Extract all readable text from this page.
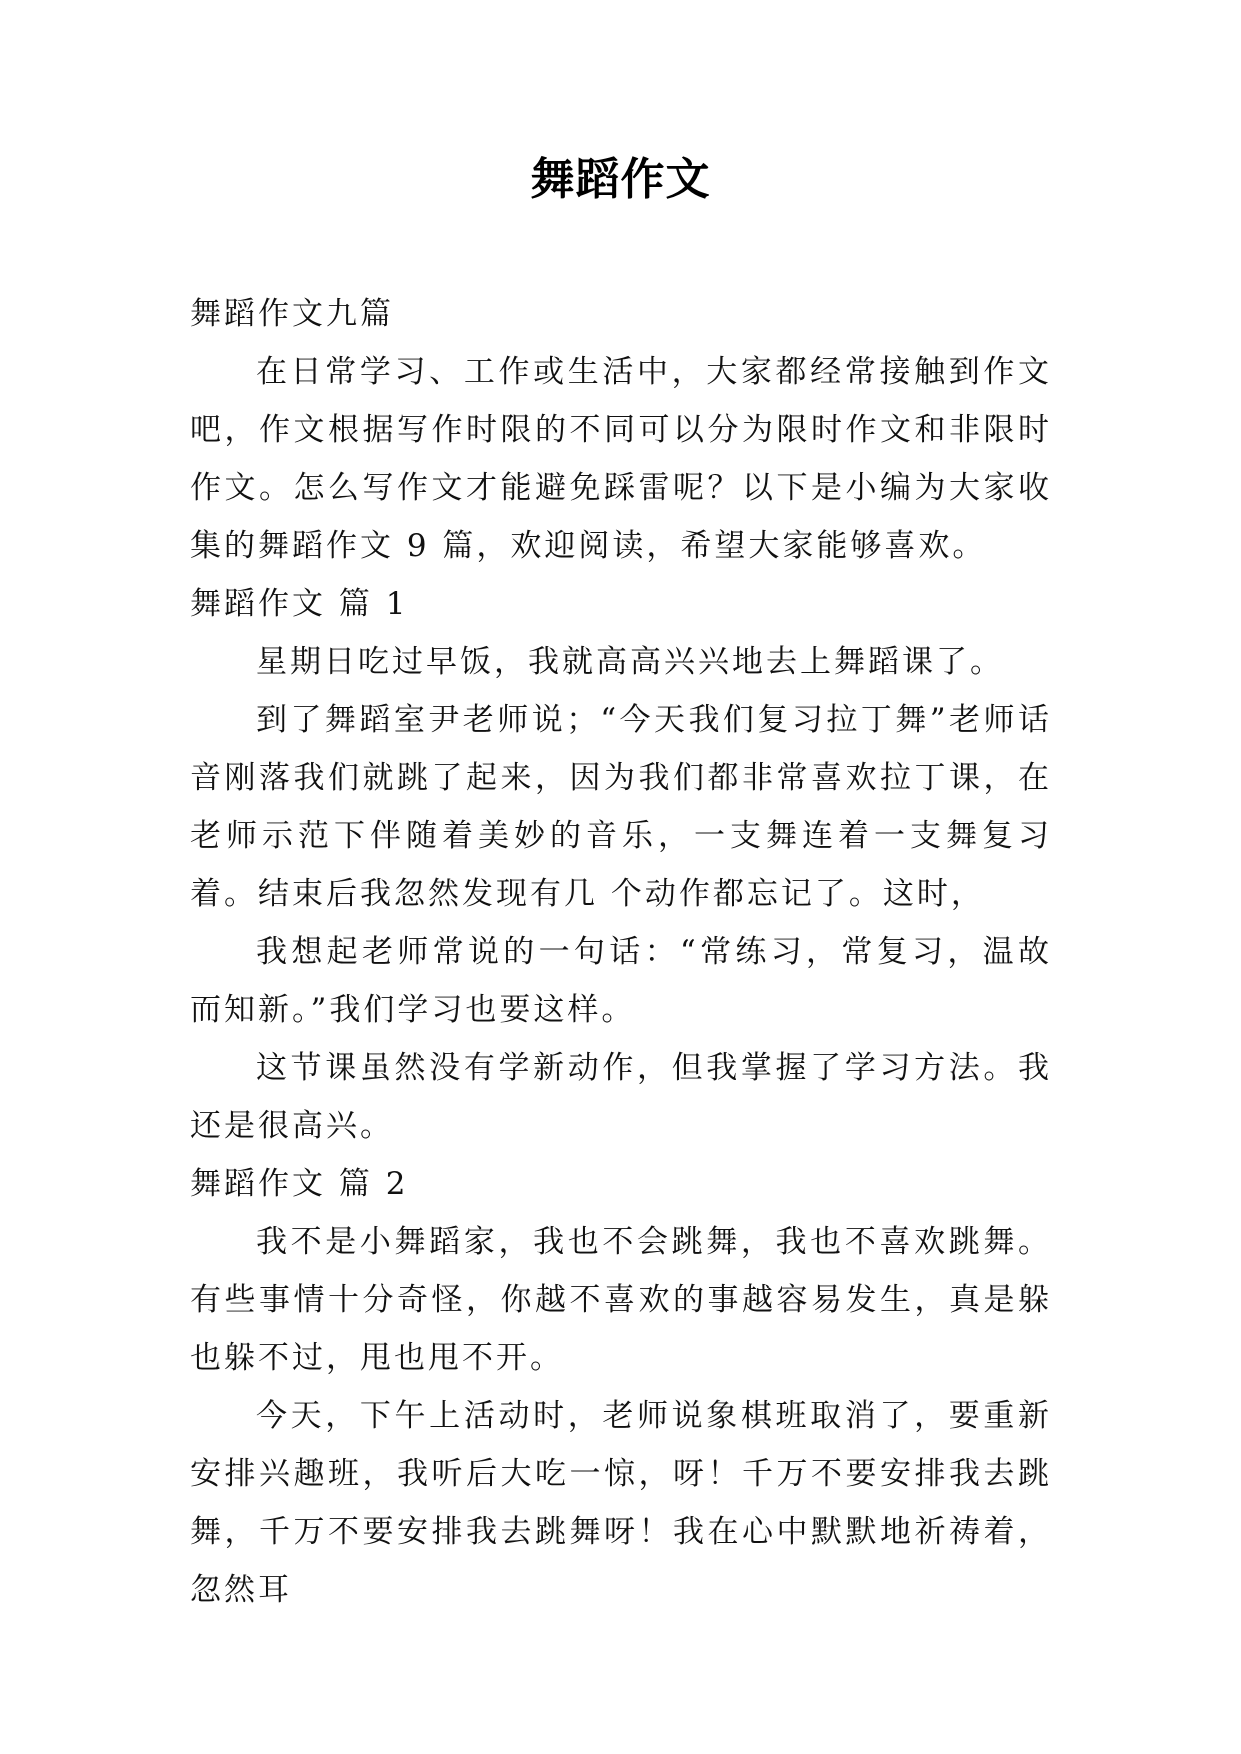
舞蹈作文

舞蹈作文九篇

在日常学习、工作或生活中，大家都经常接触到作文吧，作文根据写作时限的不同可以分为限时作文和非限时作文。怎么写作文才能避免踩雷呢？以下是小编为大家收集的舞蹈作文 9 篇，欢迎阅读，希望大家能够喜欢。

舞蹈作文 篇 1

星期日吃过早饭，我就高高兴兴地去上舞蹈课了。

到了舞蹈室尹老师说；“今天我们复习拉丁舞”老师话音刚落我们就跳了起来，因为我们都非常喜欢拉丁课，在老师示范下伴随着美妙的音乐，一支舞连着一支舞复习着。结束后我忽然发现有几 个动作都忘记了。这时，

我想起老师常说的一句话：“常练习，常复习，温故而知新。”我们学习也要这样。

这节课虽然没有学新动作，但我掌握了学习方法。我还是很高兴。

舞蹈作文 篇 2

我不是小舞蹈家，我也不会跳舞，我也不喜欢跳舞。有些事情十分奇怪，你越不喜欢的事越容易发生，真是躲也躲不过，甩也甩不开。

今天，下午上活动时，老师说象棋班取消了，要重新安排兴趣班，我听后大吃一惊，呀！千万不要安排我去跳舞，千万不要安排我去跳舞呀！我在心中默默地祈祷着，忽然耳
